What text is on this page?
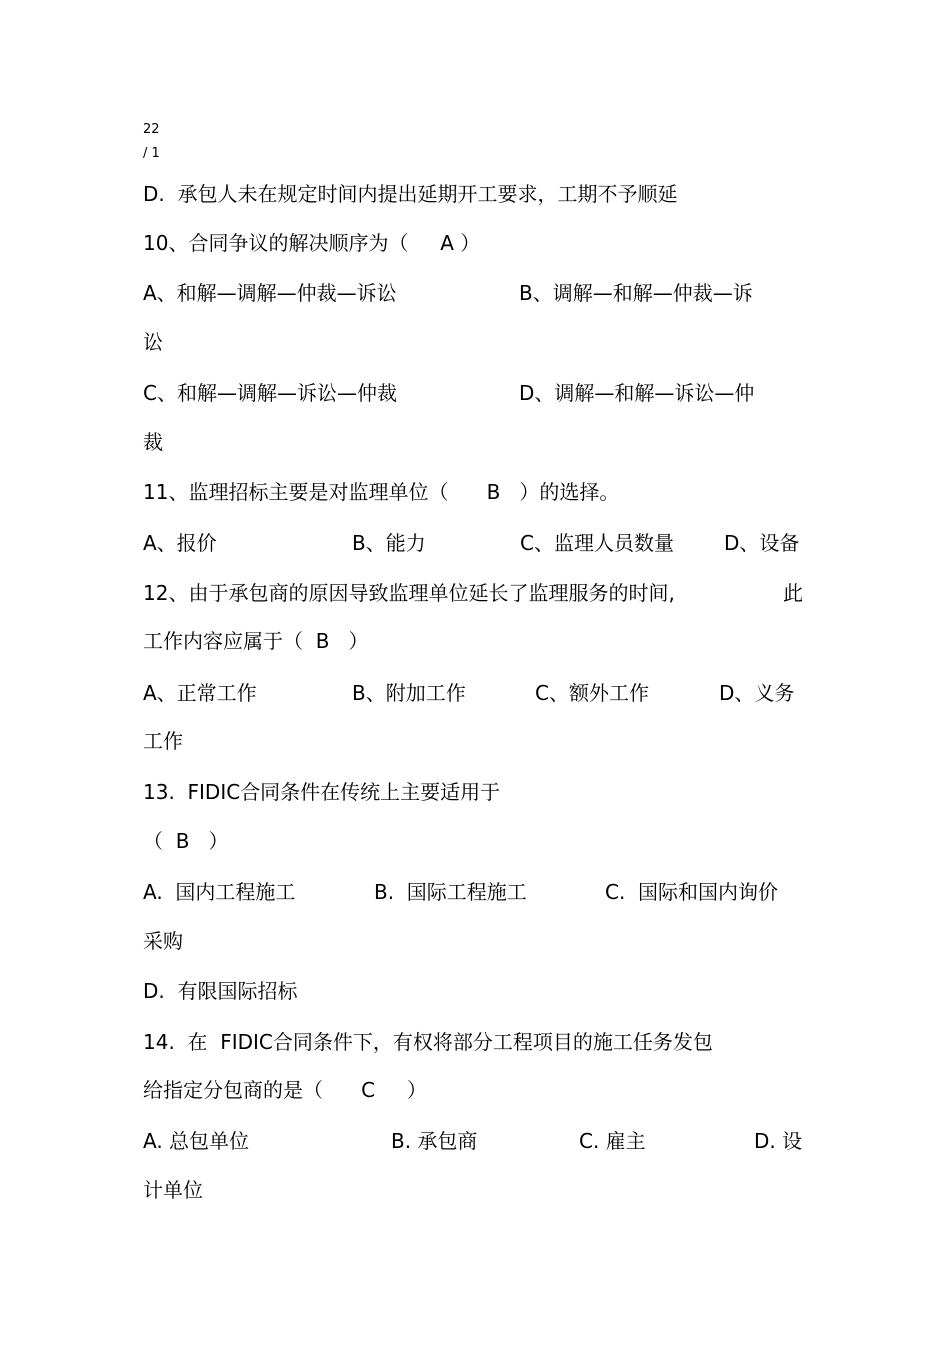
22
/ 1
D.  承包人未在规定时间内提出延期开工要求，工期不予顺延
10、合同争议的解决顺序为（     A ）

A、和解—调解—仲裁—诉讼

	B、调解—和解—仲裁—诉

讼

C、和解—调解—诉讼—仲裁

	D、调解—和解—诉讼—仲

裁
11、监理招标主要是对监理单位（      B   ）的选择。

A、报价

	B、能力

	C、监理人员数量

	D、设备

12、由于承包商的原因导致监理单位延长了监理服务的时间,

	此

工作内容应属于（  B   ）

A、正常工作

	B、附加工作

	C、额外工作

	D、义务

工作
13.  FIDIC合同条件在传统上主要适用于
（  B   ）

A.  国内工程施工

	B.  国际工程施工

	C.  国际和国内询价

采购
D.  有限国际招标
14.  在  FIDIC合同条件下，有权将部分工程项目的施工任务发包
给指定分包商的是（      C     ）

A. 总包单位

	B. 承包商

	C. 雇主

	D. 设

计单位
